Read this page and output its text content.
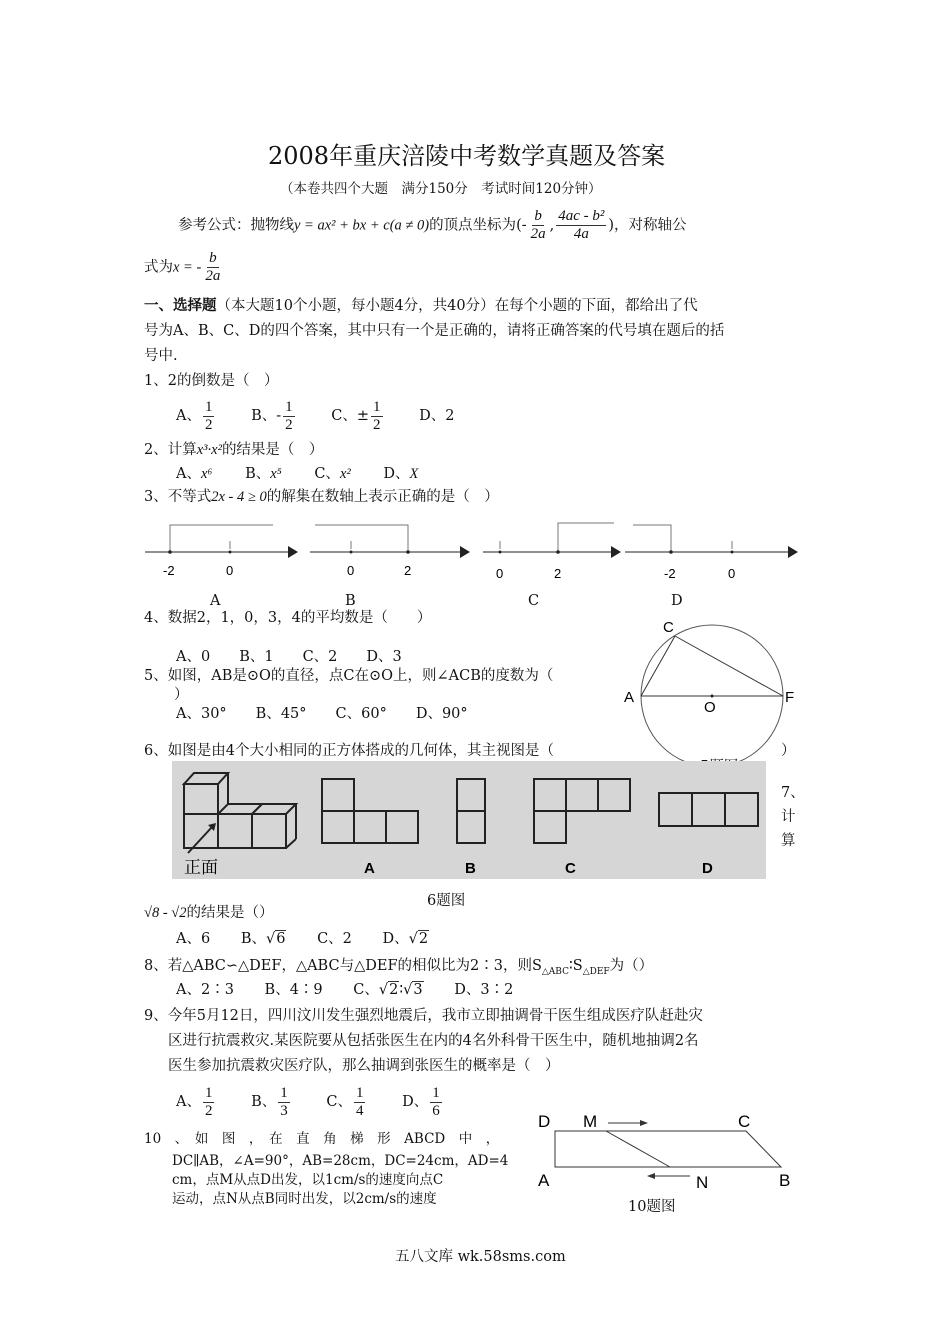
2008年重庆涪陵中考数学真题及答案
（本卷共四个大题　满分150分　考试时间120分钟）
参考公式：抛物线y = ax² + bx + c(a ≠ 0)的顶点坐标为(- $\frac{b}{2a}$ , $\frac{\text{4ac - b²}}{4a}$ )，对称轴公
式为x = - $\frac{b}{2a}$
一、选择题（本大题10个小题，每小题4分，共40分）在每个小题的下面，都给出了代
号为A、B、C、D的四个答案，其中只有一个是正确的，请将正确答案的代号填在题后的括
号中.
1、2的倒数是（　）
A、 $\frac{1}{2}$	B、- $\frac{1}{2}$	C、± $\frac{1}{2}$	D、2
2、计算x³·x²的结果是（　）
A、x⁶ B、x⁵ C、x² D、X
3、不等式2x - 4 ≥ 0的解集在数轴上表示正确的是（　）
-2	0	0	2	0	2	-2	0
A	B	C	D
4、数据2，1，0，3，4的平均数是（　　）
A、0　　B、1　　C、2　　D、3
5、如图，AB是⊙O的直径，点C在⊙O上，则∠ACB的度数为（
）
A、30°　　B、45°　　C、60°　　D、90°
C
A
O
F
6、如图是由4个大小相同的正方体搭成的几何体，其主视图是（	）
正面	A	B	C	D
6题图
7、
计
算
√8 - √2的结果是（）
A、6 B、√6 C、2 D、√2
8、若△ABC∽△DEF，△ABC与△DEF的相似比为2∶3，则$S_{\triangle ABC}∶S_{\triangle DEF}$为（）
A、2∶3 B、4∶9 C、√2∶√3 D、3∶2
9、今年5月12日，四川汶川发生强烈地震后，我市立即抽调骨干医生组成医疗队赶赴灾
区进行抗震救灾.某医院要从包括张医生在内的4名外科骨干医生中，随机地抽调2名
医生参加抗震救灾医疗队，那么抽调到张医生的概率是（　）
A、 $\frac{1}{2}$	B、 $\frac{1}{3}$	C、 $\frac{1}{4}$	D、 $\frac{1}{6}$
10　、　如　图　，　在　直　角　梯　形　ABCD　中　，
DC∥AB，∠A=90°，AB=28cm，DC=24cm，AD=4
cm，点M从点D出发，以1cm/s的速度向点C
运动，点N从点B同时出发，以2cm/s的速度
D M	C
A	N	B
10题图
五八文库 wk.58sms.com
